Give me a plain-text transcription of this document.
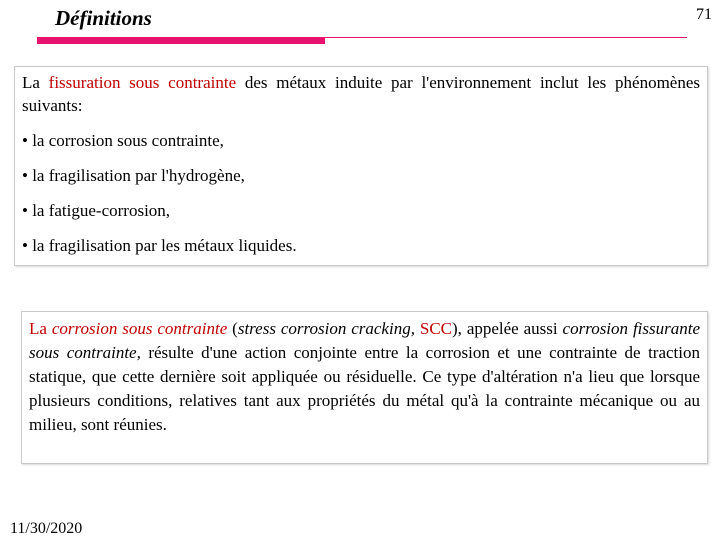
Définitions	71

La fissuration sous contrainte des métaux induite par l'environnement inclut les phénomènes suivants:

• la corrosion sous contrainte,

• la fragilisation par l'hydrogène,

• la fatigue-corrosion,

• la fragilisation par les métaux liquides.

La corrosion sous contrainte (stress corrosion cracking, SCC), appelée aussi corrosion fissurante sous contrainte, résulte d'une action conjointe entre la corrosion et une contrainte de traction statique, que cette dernière soit appliquée ou résiduelle. Ce type d'altération n'a lieu que lorsque plusieurs conditions, relatives tant aux propriétés du métal qu'à la contrainte mécanique ou au milieu, sont réunies.

11/30/2020
